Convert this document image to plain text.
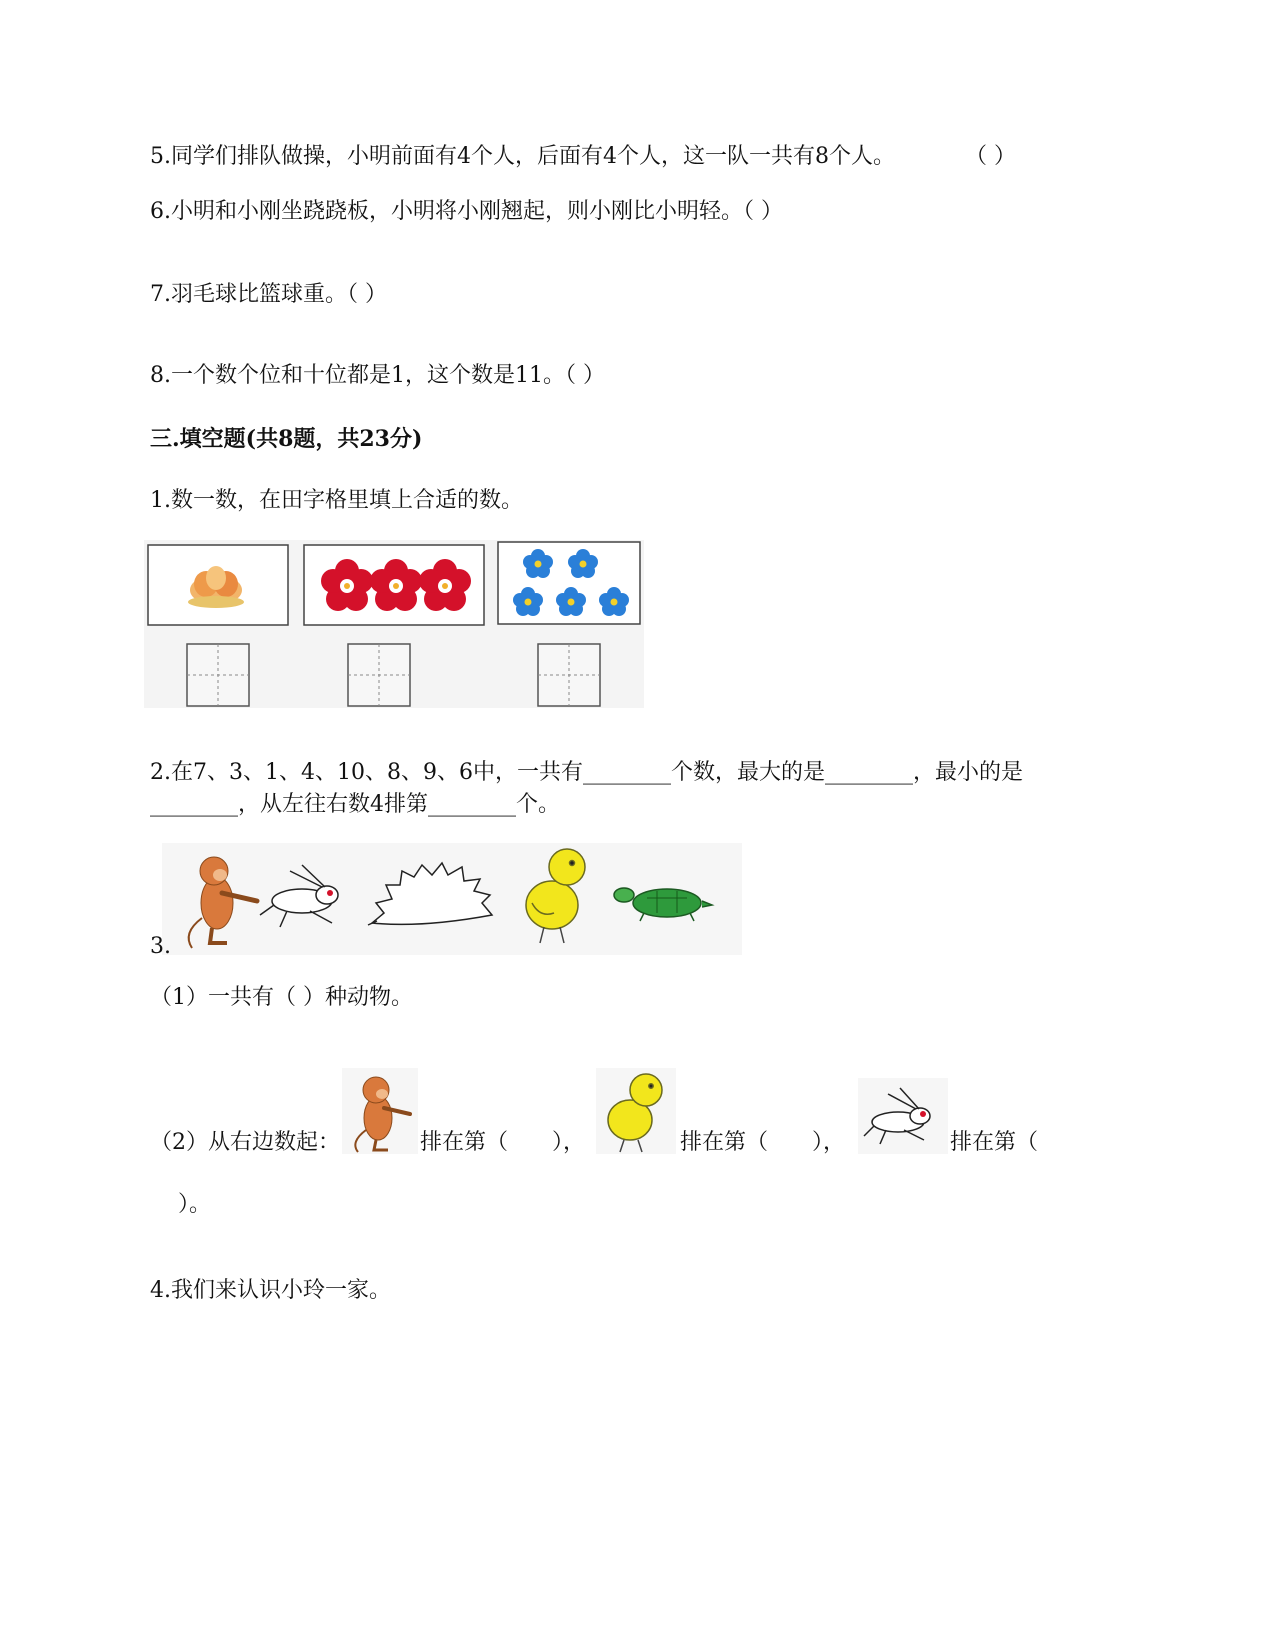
5.同学们排队做操，小明前面有4个人，后面有4个人，这一队一共有8个人。	（ ）
6.小明和小刚坐跷跷板，小明将小刚翘起，则小刚比小明轻。（ ）
7.羽毛球比篮球重。（ ）
8.一个数个位和十位都是1，这个数是11。（ ）
三.填空题(共8题，共23分)
1.数一数，在田字格里填上合适的数。
2.在7、3、1、4、10、8、9、6中，一共有________个数，最大的是________，最小的是
________，从左往右数4排第________个。
3.
（1）一共有（ ）种动物。
（2）从右边数起：	排在第（　　），	排在第（　　），	排在第（
）。
4.我们来认识小玲一家。
